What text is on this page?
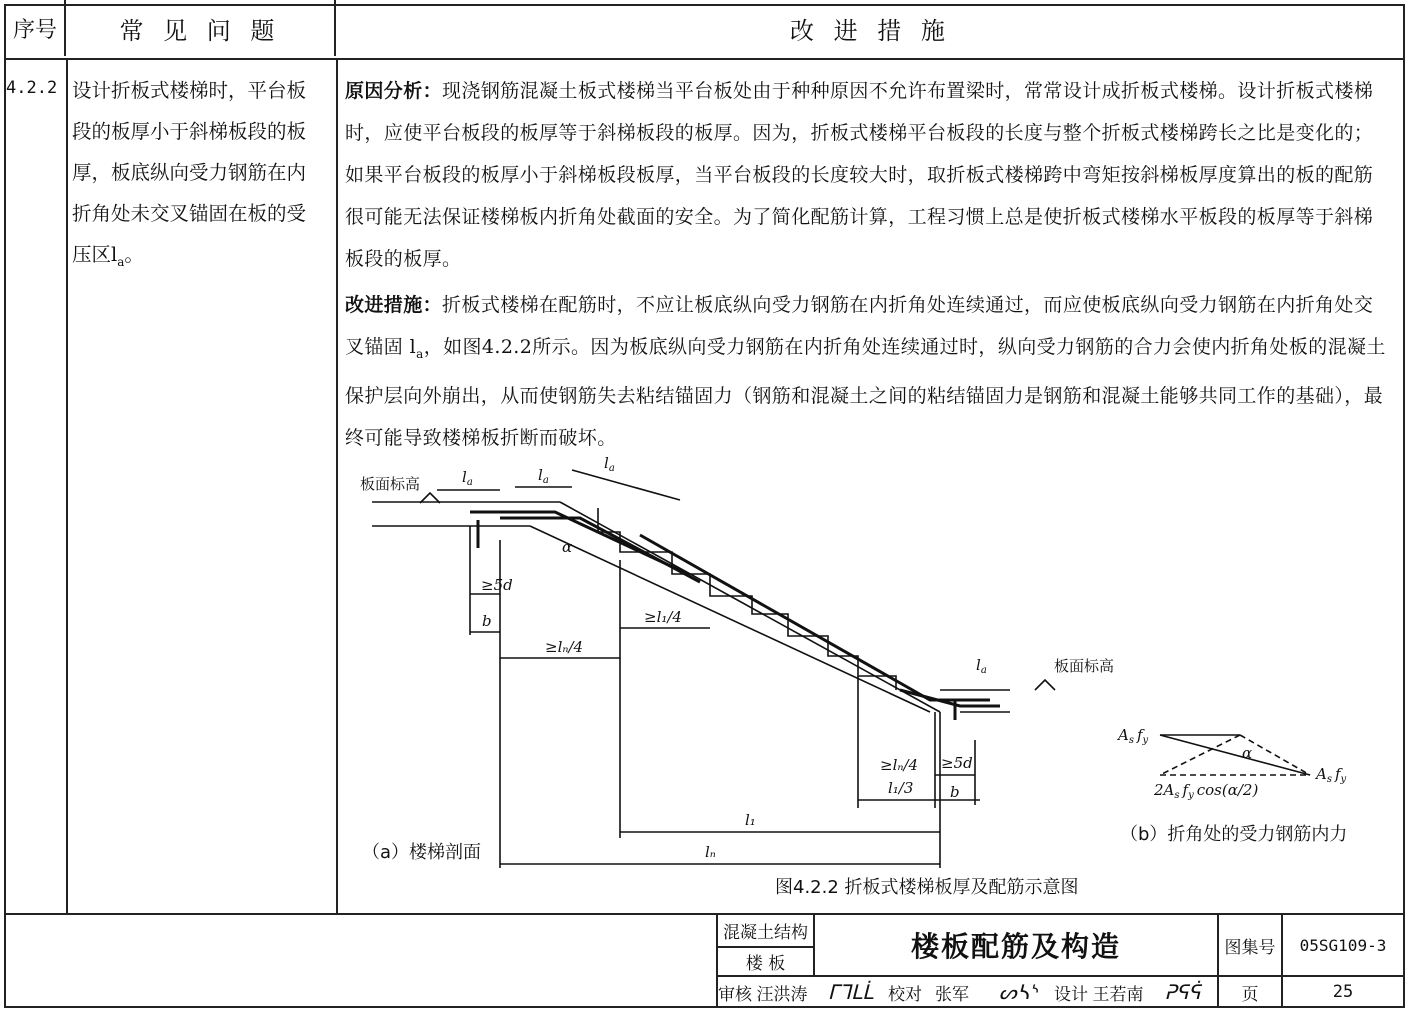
序号	常 见 问 题	改 进 措 施
4.2.2 设计折板式楼梯时，平台板段的板厚小于斜梯板段的板厚，板底纵向受力钢筋在内折角处未交叉锚固在板的受压区$l_a$。

原因分析：现浇钢筋混凝土板式楼梯当平台板处由于种种原因不允许布置梁时，常常设计成折板式楼梯。设计折板式楼梯时，应使平台板段的板厚等于斜梯板段的板厚。因为，折板式楼梯平台板段的长度与整个折板式楼梯跨长之比是变化的；如果平台板段的板厚小于斜梯板段板厚，当平台板段的长度较大时，取折板式楼梯跨中弯矩按斜梯板厚度算出的板的配筋很可能无法保证楼梯板内折角处截面的安全。为了简化配筋计算，工程习惯上总是使折板式楼梯水平板段的板厚等于斜梯板段的板厚。

改进措施：折板式楼梯在配筋时，不应让板底纵向受力钢筋在内折角处连续通过，而应使板底纵向受力钢筋在内折角处交叉锚固 $l_a$，如图4.2.2所示。因为板底纵向受力钢筋在内折角处连续通过时，纵向受力钢筋的合力会使内折角处板的混凝土保护层向外崩出，从而使钢筋失去粘结锚固力（钢筋和混凝土之间的粘结锚固力是钢筋和混凝土能够共同工作的基础），最终可能导致楼梯板折断而破坏。

板面标高
板面标高
$l_a$	$l_a$
$l_a$
$l_a$
α
≥5d
b	≥l₁/4
≥lₙ/4
≥lₙ/4
l₁/3
≥5d
b
l₁
lₙ
α
$A_s$ $f_y$
$A_s$ $f_y$
$2A_s$ $f_y$ cos(α/2)
（a）楼梯剖面
（b）折角处的受力钢筋内力
图4.2.2 折板式楼梯板厚及配筋示意图
混凝土结构
楼 板
楼板配筋及构造	图集号	05SG109-3
审核 汪洪涛	ᒥᒣᒪᒫ 校对 张军	ᔕᓴᔅ 设计 王若南	ᕈᕋᕌ	页	25
